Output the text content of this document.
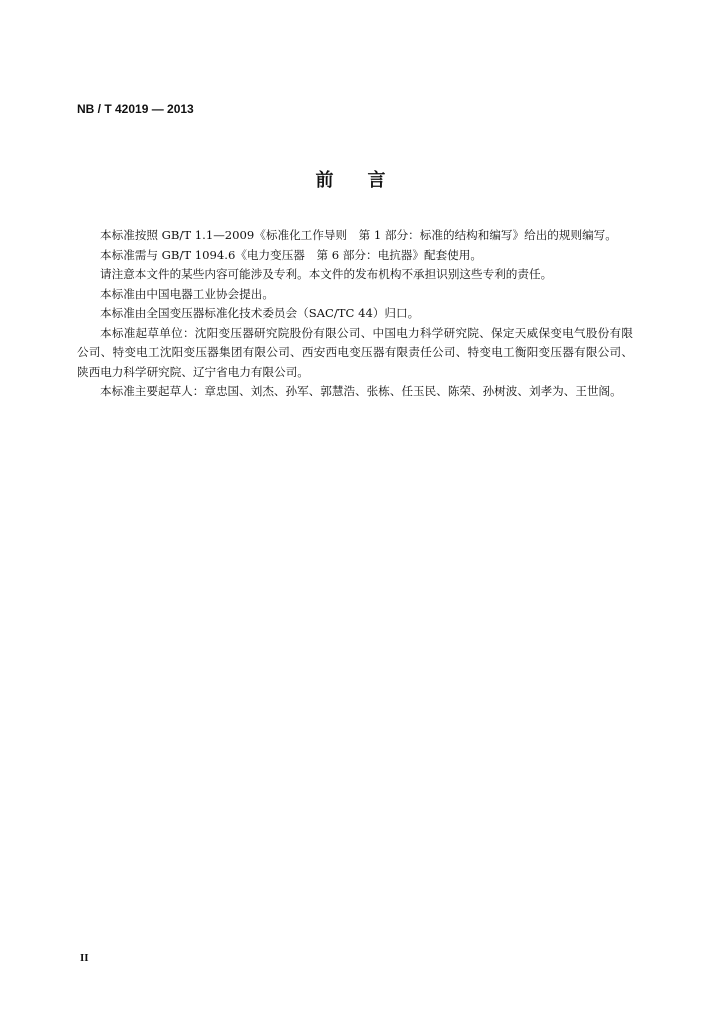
NB / T 42019 — 2013
前 言

本标准按照 GB/T 1.1—2009《标准化工作导则　第 1 部分：标准的结构和编写》给出的规则编写。

本标准需与 GB/T 1094.6《电力变压器　第 6 部分：电抗器》配套使用。

请注意本文件的某些内容可能涉及专利。本文件的发布机构不承担识别这些专利的责任。

本标准由中国电器工业协会提出。

本标准由全国变压器标准化技术委员会（SAC/TC 44）归口。

本标准起草单位：沈阳变压器研究院股份有限公司、中国电力科学研究院、保定天威保变电气股份有限公司、特变电工沈阳变压器集团有限公司、西安西电变压器有限责任公司、特变电工衡阳变压器有限公司、陕西电力科学研究院、辽宁省电力有限公司。

本标准主要起草人：章忠国、刘杰、孙军、郭慧浩、张栋、任玉民、陈荣、孙树波、刘孝为、王世阁。

II
